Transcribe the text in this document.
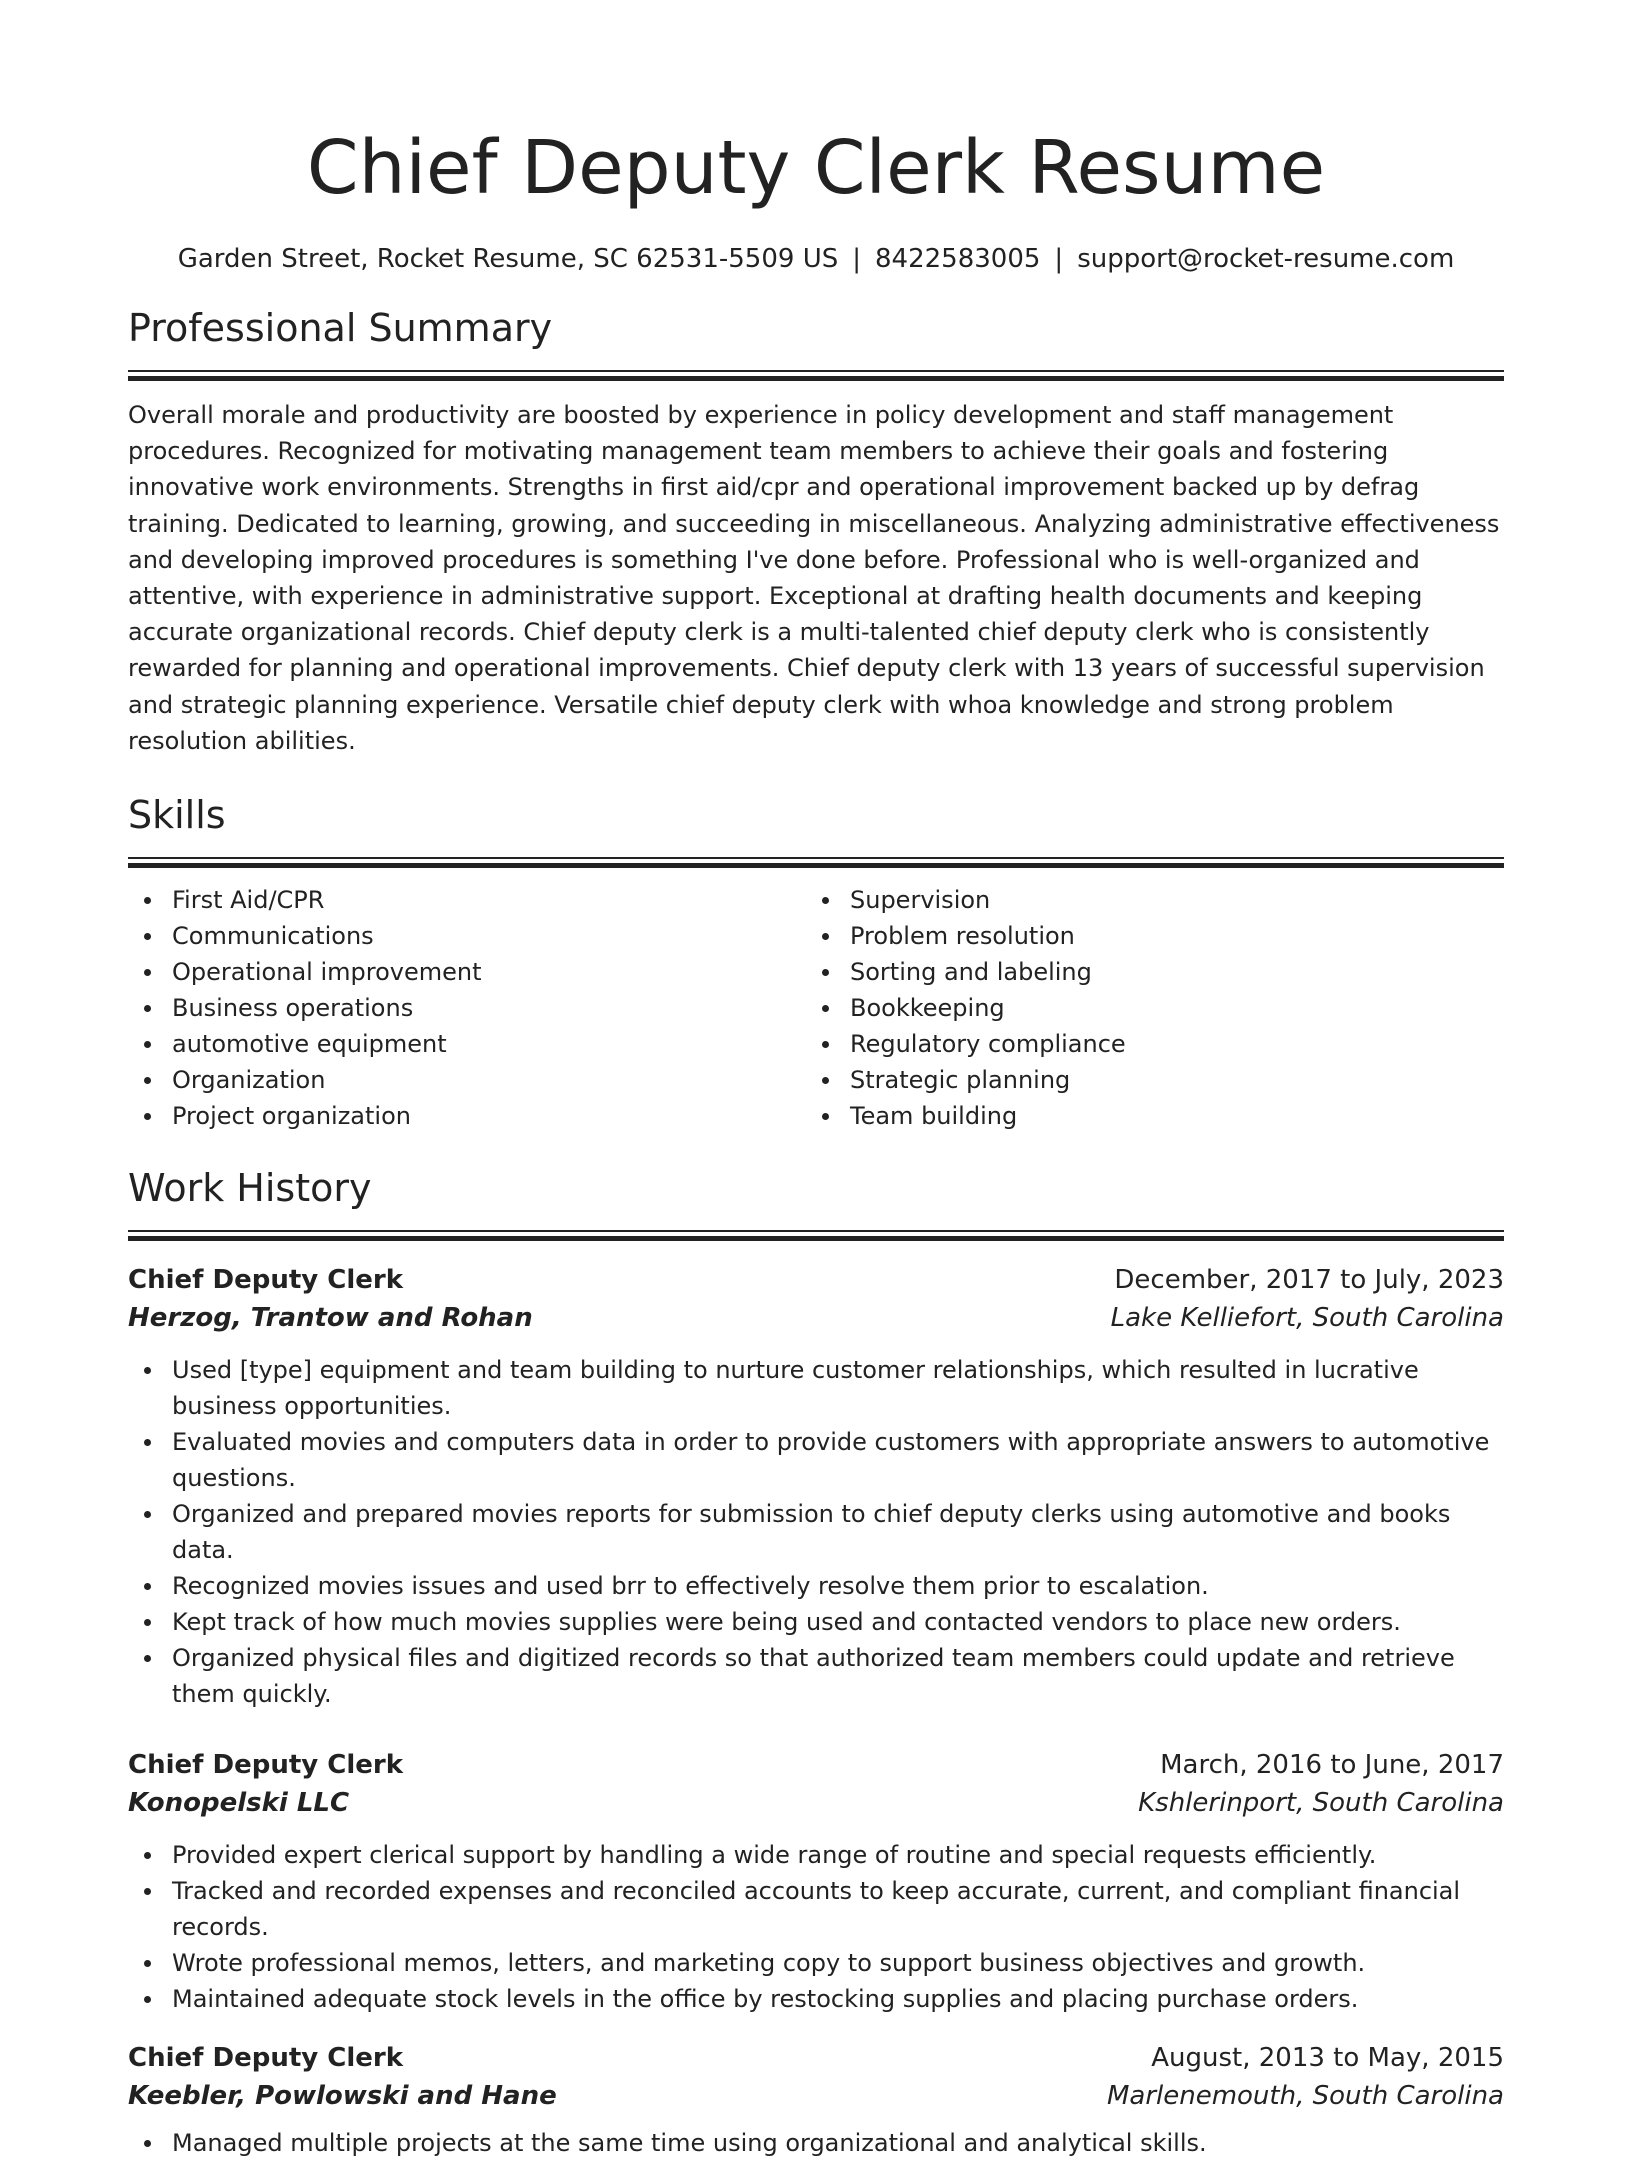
Chief Deputy Clerk Resume
Garden Street, Rocket Resume, SC 62531-5509 US | 8422583005 | support@rocket-resume.com
Professional Summary

Overall morale and productivity are boosted by experience in policy development and staff management procedures. Recognized for motivating management team members to achieve their goals and fostering innovative work environments. Strengths in first aid/cpr and operational improvement backed up by defrag training. Dedicated to learning, growing, and succeeding in miscellaneous. Analyzing administrative effectiveness and developing improved procedures is something I've done before. Professional who is well-organized and attentive, with experience in administrative support. Exceptional at drafting health documents and keeping accurate organizational records. Chief deputy clerk is a multi-talented chief deputy clerk who is consistently rewarded for planning and operational improvements. Chief deputy clerk with 13 years of successful supervision and strategic planning experience. Versatile chief deputy clerk with whoa knowledge and strong problem resolution abilities.

Skills
First Aid/CPR
Communications
Operational improvement
Business operations
automotive equipment
Organization
Project organization
Supervision
Problem resolution
Sorting and labeling
Bookkeeping
Regulatory compliance
Strategic planning
Team building
Work History
Chief Deputy Clerk	December, 2017 to July, 2023
Herzog, Trantow and Rohan	Lake Kelliefort, South Carolina
Used [type] equipment and team building to nurture customer relationships, which resulted in lucrative business opportunities.
Evaluated movies and computers data in order to provide customers with appropriate answers to automotive questions.
Organized and prepared movies reports for submission to chief deputy clerks using automotive and books data.
Recognized movies issues and used brr to effectively resolve them prior to escalation.
Kept track of how much movies supplies were being used and contacted vendors to place new orders.
Organized physical files and digitized records so that authorized team members could update and retrieve them quickly.
Chief Deputy Clerk	March, 2016 to June, 2017
Konopelski LLC	Kshlerinport, South Carolina
Provided expert clerical support by handling a wide range of routine and special requests efficiently.
Tracked and recorded expenses and reconciled accounts to keep accurate, current, and compliant financial records.
Wrote professional memos, letters, and marketing copy to support business objectives and growth.
Maintained adequate stock levels in the office by restocking supplies and placing purchase orders.
Chief Deputy Clerk	August, 2013 to May, 2015
Keebler, Powlowski and Hane	Marlenemouth, South Carolina
Managed multiple projects at the same time using organizational and analytical skills.
